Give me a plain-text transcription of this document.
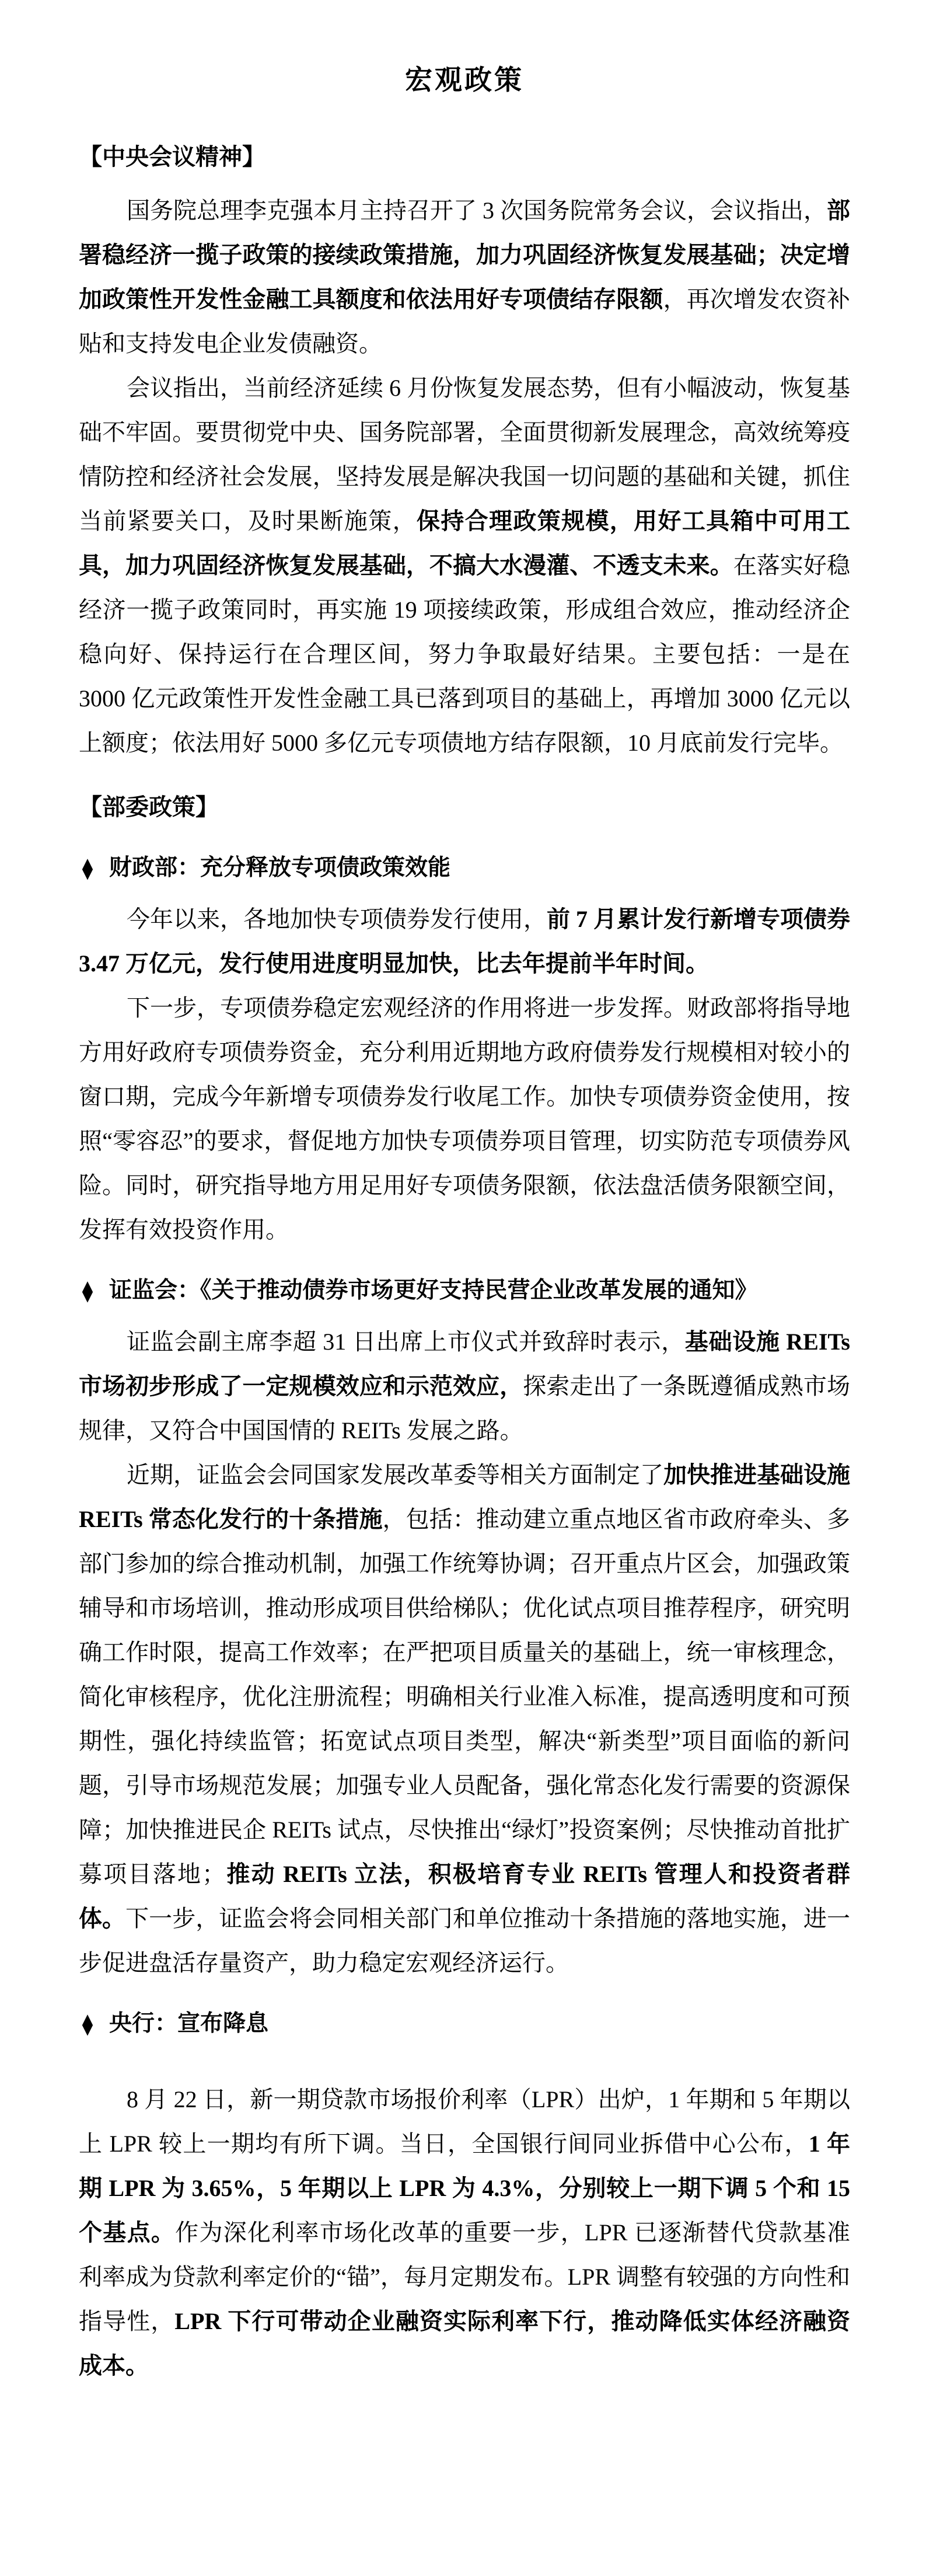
宏观政策
【中央会议精神】

国务院总理李克强本月主持召开了 3 次国务院常务会议，会议指出，部署稳经济一揽子政策的接续政策措施，加力巩固经济恢复发展基础；决定增加政策性开发性金融工具额度和依法用好专项债结存限额，再次增发农资补贴和支持发电企业发债融资。

会议指出，当前经济延续 6 月份恢复发展态势，但有小幅波动，恢复基础不牢固。要贯彻党中央、国务院部署，全面贯彻新发展理念，高效统筹疫情防控和经济社会发展，坚持发展是解决我国一切问题的基础和关键，抓住当前紧要关口，及时果断施策，保持合理政策规模，用好工具箱中可用工具，加力巩固经济恢复发展基础，不搞大水漫灌、不透支未来。在落实好稳经济一揽子政策同时，再实施 19 项接续政策，形成组合效应，推动经济企稳向好、保持运行在合理区间，努力争取最好结果。主要包括：一是在 3000 亿元政策性开发性金融工具已落到项目的基础上，再增加 3000 亿元以上额度；依法用好 5000 多亿元专项债地方结存限额，10 月底前发行完毕。

【部委政策】
◆ 财政部：充分释放专项债政策效能

今年以来，各地加快专项债券发行使用，前 7 月累计发行新增专项债券 3.47 万亿元，发行使用进度明显加快，比去年提前半年时间。

下一步，专项债券稳定宏观经济的作用将进一步发挥。财政部将指导地方用好政府专项债券资金，充分利用近期地方政府债券发行规模相对较小的窗口期，完成今年新增专项债券发行收尾工作。加快专项债券资金使用，按照“零容忍”的要求，督促地方加快专项债券项目管理，切实防范专项债券风险。同时，研究指导地方用足用好专项债务限额，依法盘活债务限额空间，发挥有效投资作用。

◆ 证监会：《关于推动债券市场更好支持民营企业改革发展的通知》

证监会副主席李超 31 日出席上市仪式并致辞时表示，基础设施 REITs 市场初步形成了一定规模效应和示范效应，探索走出了一条既遵循成熟市场规律，又符合中国国情的 REITs 发展之路。

近期，证监会会同国家发展改革委等相关方面制定了加快推进基础设施 REITs 常态化发行的十条措施，包括：推动建立重点地区省市政府牵头、多部门参加的综合推动机制，加强工作统筹协调；召开重点片区会，加强政策辅导和市场培训，推动形成项目供给梯队；优化试点项目推荐程序，研究明确工作时限，提高工作效率；在严把项目质量关的基础上，统一审核理念，简化审核程序，优化注册流程；明确相关行业准入标准，提高透明度和可预期性，强化持续监管；拓宽试点项目类型，解决“新类型”项目面临的新问题，引导市场规范发展；加强专业人员配备，强化常态化发行需要的资源保障；加快推进民企 REITs 试点，尽快推出“绿灯”投资案例；尽快推动首批扩募项目落地；推动 REITs 立法，积极培育专业 REITs 管理人和投资者群体。下一步，证监会将会同相关部门和单位推动十条措施的落地实施，进一步促进盘活存量资产，助力稳定宏观经济运行。

◆ 央行：宣布降息

8 月 22 日，新一期贷款市场报价利率（LPR）出炉，1 年期和 5 年期以上 LPR 较上一期均有所下调。当日，全国银行间同业拆借中心公布，1 年期 LPR 为 3.65%，5 年期以上 LPR 为 4.3%，分别较上一期下调 5 个和 15 个基点。作为深化利率市场化改革的重要一步，LPR 已逐渐替代贷款基准利率成为贷款利率定价的“锚”，每月定期发布。LPR 调整有较强的方向性和指导性，LPR 下行可带动企业融资实际利率下行，推动降低实体经济融资成本。
